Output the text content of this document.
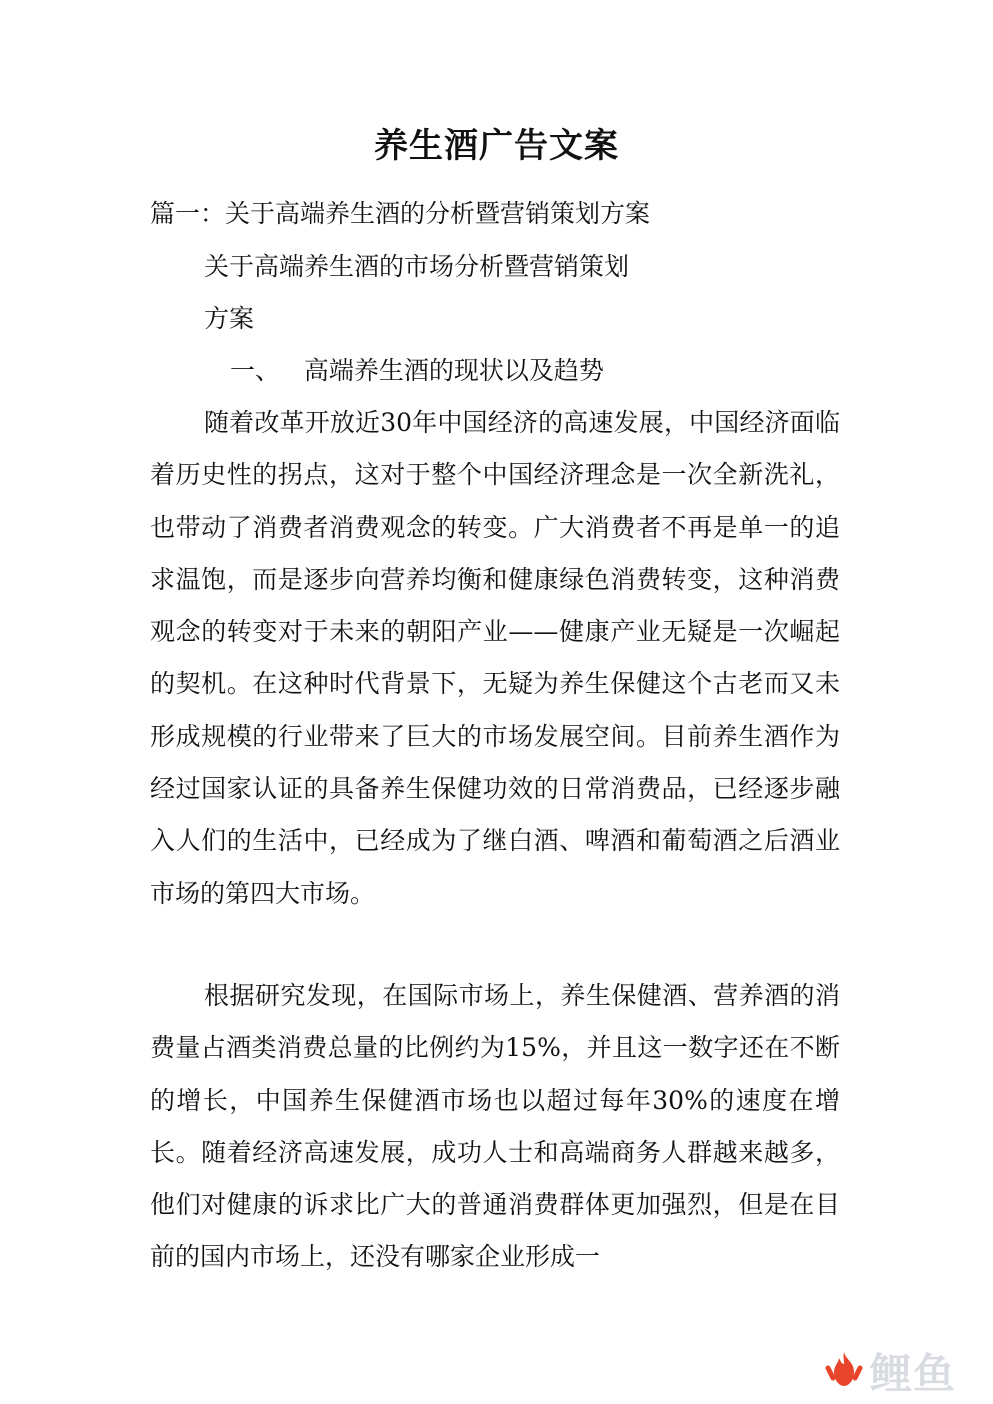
养生酒广告文案

篇一：关于高端养生酒的分析暨营销策划方案

关于高端养生酒的市场分析暨营销策划

方案

一、   高端养生酒的现状以及趋势

随着改革开放近30年中国经济的高速发展，中国经济面临着历史性的拐点，这对于整个中国经济理念是一次全新洗礼，也带动了消费者消费观念的转变。广大消费者不再是单一的追求温饱，而是逐步向营养均衡和健康绿色消费转变，这种消费观念的转变对于未来的朝阳产业——健康产业无疑是一次崛起的契机。在这种时代背景下，无疑为养生保健这个古老而又未形成规模的行业带来了巨大的市场发展空间。目前养生酒作为经过国家认证的具备养生保健功效的日常消费品，已经逐步融入人们的生活中，已经成为了继白酒、啤酒和葡萄酒之后酒业市场的第四大市场。

根据研究发现，在国际市场上，养生保健酒、营养酒的消费量占酒类消费总量的比例约为15%，并且这一数字还在不断的增长，中国养生保健酒市场也以超过每年30%的速度在增长。随着经济高速发展，成功人士和高端商务人群越来越多，他们对健康的诉求比广大的普通消费群体更加强烈，但是在目前的国内市场上，还没有哪家企业形成一

鲤鱼
